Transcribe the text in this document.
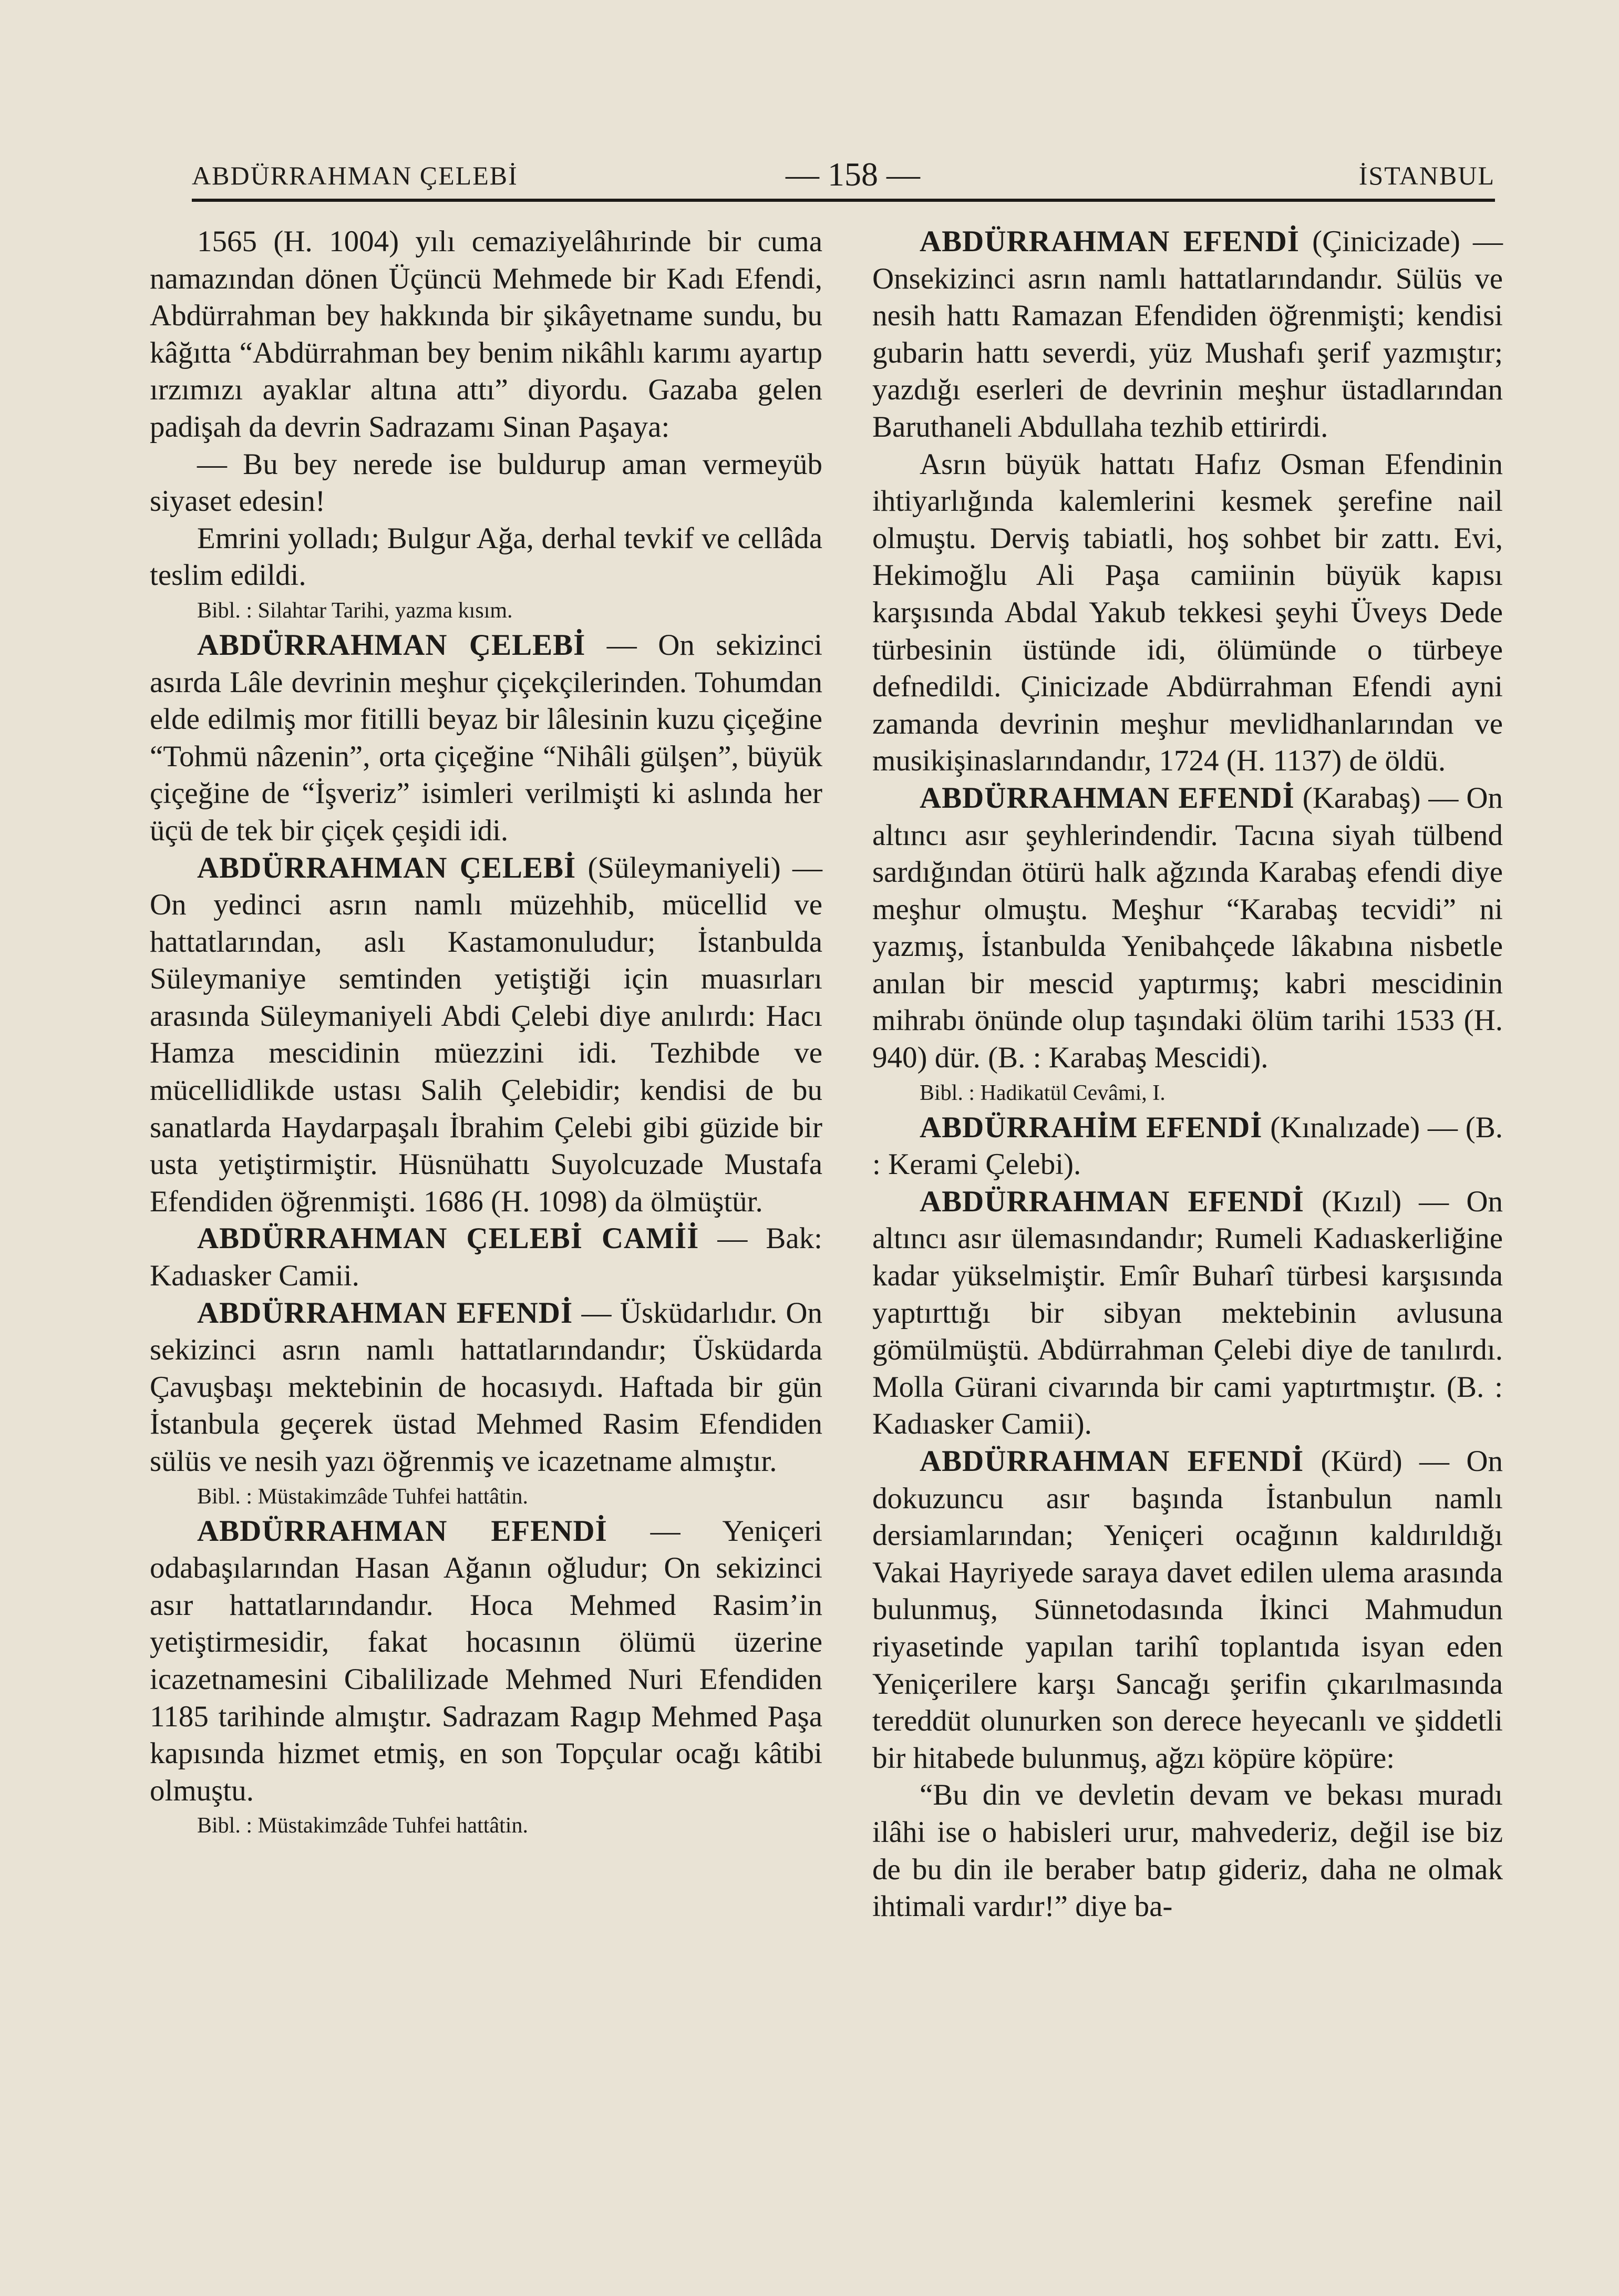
ABDÜRRAHMAN ÇELEBİ	— 158 —	İSTANBUL

1565 (H. 1004) yılı cemaziyelâhırinde bir cuma namazından dönen Üçüncü Mehmede bir Kadı Efendi, Abdürrahman bey hakkında bir şikâyetname sundu, bu kâğıtta “Abdürrahman bey benim nikâhlı karımı ayartıp ırzımızı ayaklar altına attı” diyordu. Gazaba gelen padişah da devrin Sadrazamı Sinan Paşaya:

— Bu bey nerede ise buldurup aman vermeyüb siyaset edesin!

Emrini yolladı; Bulgur Ağa, derhal tevkif ve cellâda teslim edildi.

Bibl. : Silahtar Tarihi, yazma kısım.

ABDÜRRAHMAN ÇELEBİ — On sekizinci asırda Lâle devrinin meşhur çiçekçilerinden. Tohumdan elde edilmiş mor fitilli beyaz bir lâlesinin kuzu çiçeğine “Tohmü nâzenin”, orta çiçeğine “Nihâli gülşen”, büyük çiçeğine de “İşveriz” isimleri verilmişti ki aslında her üçü de tek bir çiçek çeşidi idi.

ABDÜRRAHMAN ÇELEBİ (Süleymaniyeli) — On yedinci asrın namlı müzehhib, mücellid ve hattatlarından, aslı Kastamonuludur; İstanbulda Süleymaniye semtinden yetiştiği için muasırları arasında Süleymaniyeli Abdi Çelebi diye anılırdı: Hacı Hamza mescidinin müezzini idi. Tezhibde ve mücellidlikde ustası Salih Çelebidir; kendisi de bu sanatlarda Haydarpaşalı İbrahim Çelebi gibi güzide bir usta yetiştirmiştir. Hüsnühattı Suyolcuzade Mustafa Efendiden öğrenmişti. 1686 (H. 1098) da ölmüştür.

ABDÜRRAHMAN ÇELEBİ CAMİİ — Bak: Kadıasker Camii.

ABDÜRRAHMAN EFENDİ — Üsküdarlıdır. On sekizinci asrın namlı hattatlarındandır; Üsküdarda Çavuşbaşı mektebinin de hocasıydı. Haftada bir gün İstanbula geçerek üstad Mehmed Rasim Efendiden sülüs ve nesih yazı öğrenmiş ve icazetname almıştır.

Bibl. : Müstakimzâde Tuhfei hattâtin.

ABDÜRRAHMAN EFENDİ — Yeniçeri odabaşılarından Hasan Ağanın oğludur; On sekizinci asır hattatlarındandır. Hoca Mehmed Rasim’in yetiştirmesidir, fakat hocasının ölümü üzerine icazetnamesini Cibalilizade Mehmed Nuri Efendiden 1185 tarihinde almıştır. Sadrazam Ragıp Mehmed Paşa kapısında hizmet etmiş, en son Topçular ocağı kâtibi olmuştu.

Bibl. : Müstakimzâde Tuhfei hattâtin.

ABDÜRRAHMAN EFENDİ (Çinicizade) — Onsekizinci asrın namlı hattatlarındandır. Sülüs ve nesih hattı Ramazan Efendiden öğrenmişti; kendisi gubarin hattı severdi, yüz Mushafı şerif yazmıştır; yazdığı eserleri de devrinin meşhur üstadlarından Baruthaneli Abdullaha tezhib ettirirdi.

Asrın büyük hattatı Hafız Osman Efendinin ihtiyarlığında kalemlerini kesmek şerefine nail olmuştu. Derviş tabiatli, hoş sohbet bir zattı. Evi, Hekimoğlu Ali Paşa camiinin büyük kapısı karşısında Abdal Yakub tekkesi şeyhi Üveys Dede türbesinin üstünde idi, ölümünde o türbeye defnedildi. Çinicizade Abdürrahman Efendi ayni zamanda devrinin meşhur mevlidhanlarından ve musikişinaslarındandır, 1724 (H. 1137) de öldü.

ABDÜRRAHMAN EFENDİ (Karabaş) — On altıncı asır şeyhlerindendir. Tacına siyah tülbend sardığından ötürü halk ağzında Karabaş efendi diye meşhur olmuştu. Meşhur “Karabaş tecvidi” ni yazmış, İstanbulda Yenibahçede lâkabına nisbetle anılan bir mescid yaptırmış; kabri mescidinin mihrabı önünde olup taşındaki ölüm tarihi 1533 (H. 940) dür. (B. : Karabaş Mescidi).

Bibl. : Hadikatül Cevâmi, I.

ABDÜRRAHİM EFENDİ (Kınalızade) — (B. : Kerami Çelebi).

ABDÜRRAHMAN EFENDİ (Kızıl) — On altıncı asır ülemasındandır; Rumeli Kadıaskerliğine kadar yükselmiştir. Emîr Buharî türbesi karşısında yaptırttığı bir sibyan mektebinin avlusuna gömülmüştü. Abdürrahman Çelebi diye de tanılırdı. Molla Gürani civarında bir cami yaptırtmıştır. (B. : Kadıasker Camii).

ABDÜRRAHMAN EFENDİ (Kürd) — On dokuzuncu asır başında İstanbulun namlı dersiamlarından; Yeniçeri ocağının kaldırıldığı Vakai Hayriyede saraya davet edilen ulema arasında bulunmuş, Sünnetodasında İkinci Mahmudun riyasetinde yapılan tarihî toplantıda isyan eden Yeniçerilere karşı Sancağı şerifin çıkarılmasında tereddüt olunurken son derece heyecanlı ve şiddetli bir hitabede bulunmuş, ağzı köpüre köpüre:

“Bu din ve devletin devam ve bekası muradı ilâhi ise o habisleri urur, mahvederiz, değil ise biz de bu din ile beraber batıp gideriz, daha ne olmak ihtimali vardır!” diye ba-
